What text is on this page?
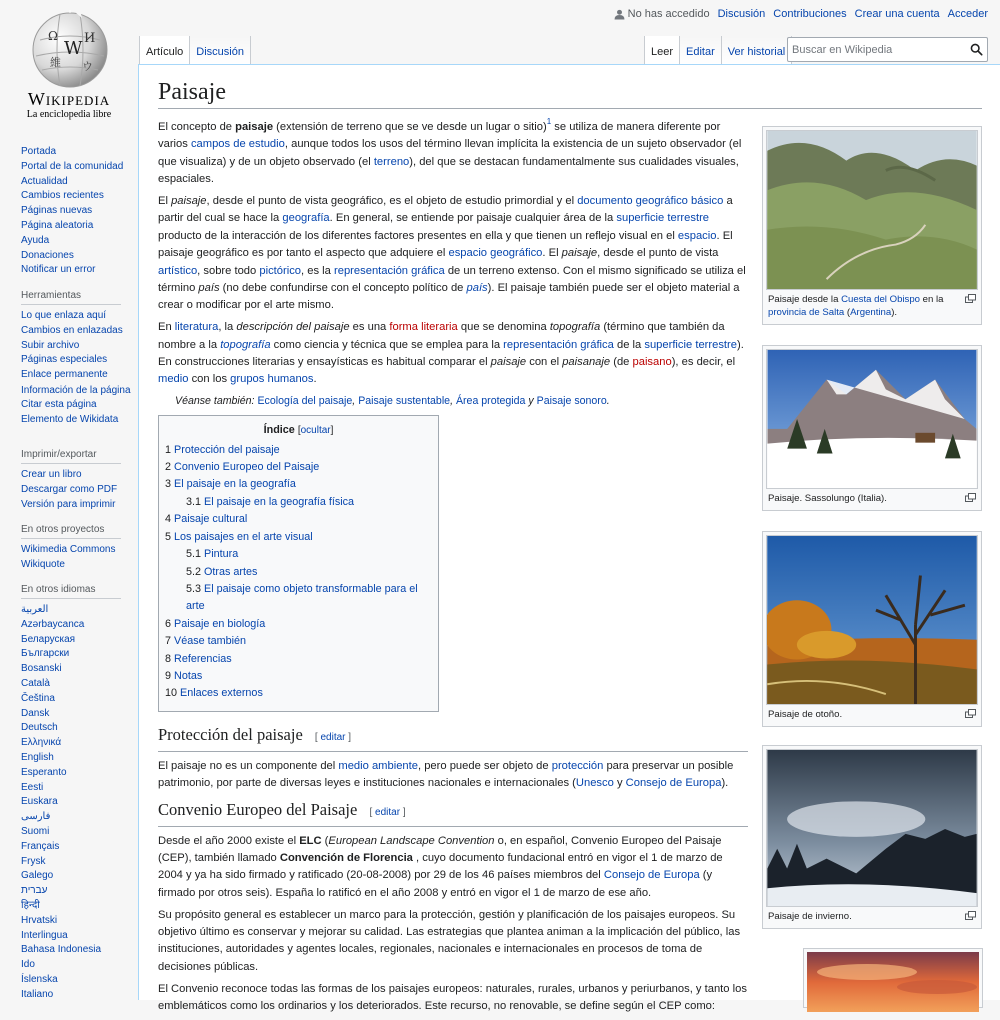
Ω
W И
維 ウ
Wikipedia
La enciclopedia libre
No has accedido Discusión Contribuciones Crear una cuenta Acceder
Artículo Discusión	Leer Editar Ver historial
Buscar en Wikipedia
Portada
Portal de la comunidad
Actualidad
Cambios recientes
Páginas nuevas
Página aleatoria
Ayuda
Donaciones
Notificar un error
Herramientas
Lo que enlaza aquí
Cambios en enlazadas
Subir archivo
Páginas especiales
Enlace permanente
Información de la página
Citar esta página
Elemento de Wikidata
Imprimir/exportar
Crear un libro
Descargar como PDF
Versión para imprimir
En otros proyectos
Wikimedia Commons
Wikiquote
En otros idiomas
العربية
Azərbaycanca
Беларуская
Български
Bosanski
Català
Čeština
Dansk
Deutsch
Ελληνικά
English
Esperanto
Eesti
Euskara
فارسی
Suomi
Français
Frysk
Galego
עברית
हिन्दी
Hrvatski
Interlingua
Bahasa Indonesia
Ido
Íslenska
Italiano
Paisaje

El concepto de paisaje (extensión de terreno que se ve desde un lugar o sitio)$^1$ se utiliza de manera diferente por varios campos de estudio, aunque todos los usos del término llevan implícita la existencia de un sujeto observador (el que visualiza) y de un objeto observado (el terreno), del que se destacan fundamentalmente sus cualidades visuales, espaciales.

El paisaje, desde el punto de vista geográfico, es el objeto de estudio primordial y el documento geográfico básico a partir del cual se hace la geografía. En general, se entiende por paisaje cualquier área de la superficie terrestre producto de la interacción de los diferentes factores presentes en ella y que tienen un reflejo visual en el espacio. El paisaje geográfico es por tanto el aspecto que adquiere el espacio geográfico. El paisaje, desde el punto de vista artístico, sobre todo pictórico, es la representación gráfica de un terreno extenso. Con el mismo significado se utiliza el término país (no debe confundirse con el concepto político de país). El paisaje también puede ser el objeto material a crear o modificar por el arte mismo.

En literatura, la descripción del paisaje es una forma literaria que se denomina topografía (término que también da nombre a la topografía como ciencia y técnica que se emplea para la representación gráfica de la superficie terrestre). En construcciones literarias y ensayísticas es habitual comparar el paisaje con el paisanaje (de paisano), es decir, el medio con los grupos humanos.

Véanse también: Ecología del paisaje, Paisaje sustentable, Área protegida y Paisaje sonoro.
Índice [ocultar]
1 Protección del paisaje
2 Convenio Europeo del Paisaje
3 El paisaje en la geografía
3.1 El paisaje en la geografía física
4 Paisaje cultural
5 Los paisajes en el arte visual
5.1 Pintura
5.2 Otras artes
5.3 El paisaje como objeto transformable para el arte
6 Paisaje en biología
7 Véase también
8 Referencias
9 Notas
10 Enlaces externos
Protección del paisaje [ editar ]

El paisaje no es un componente del medio ambiente, pero puede ser objeto de protección para preservar un posible patrimonio, por parte de diversas leyes e instituciones nacionales e internacionales (Unesco y Consejo de Europa).

Convenio Europeo del Paisaje [ editar ]

Desde el año 2000 existe el ELC (European Landscape Convention o, en español, Convenio Europeo del Paisaje (CEP), también llamado Convención de Florencia , cuyo documento fundacional entró en vigor el 1 de marzo de 2004 y ya ha sido firmado y ratificado (20-08-2008) por 29 de los 46 países miembros del Consejo de Europa (y firmado por otros seis). España lo ratificó en el año 2008 y entró en vigor el 1 de marzo de ese año.

Su propósito general es establecer un marco para la protección, gestión y planificación de los paisajes europeos. Su objetivo último es conservar y mejorar su calidad. Las estrategias que plantea animan a la implicación del público, las instituciones, autoridades y agentes locales, regionales, nacionales e internacionales en procesos de toma de decisiones públicas.

El Convenio reconoce todas las formas de los paisajes europeos: naturales, rurales, urbanos y periurbanos, y tanto los emblemáticos como los ordinarios y los deteriorados. Este recurso, no renovable, se define según el CEP como:

Paisaje desde la Cuesta del Obispo en la provincia de Salta (Argentina).
Paisaje. Sassolungo (Italia).
Paisaje de otoño.
Paisaje de invierno.
